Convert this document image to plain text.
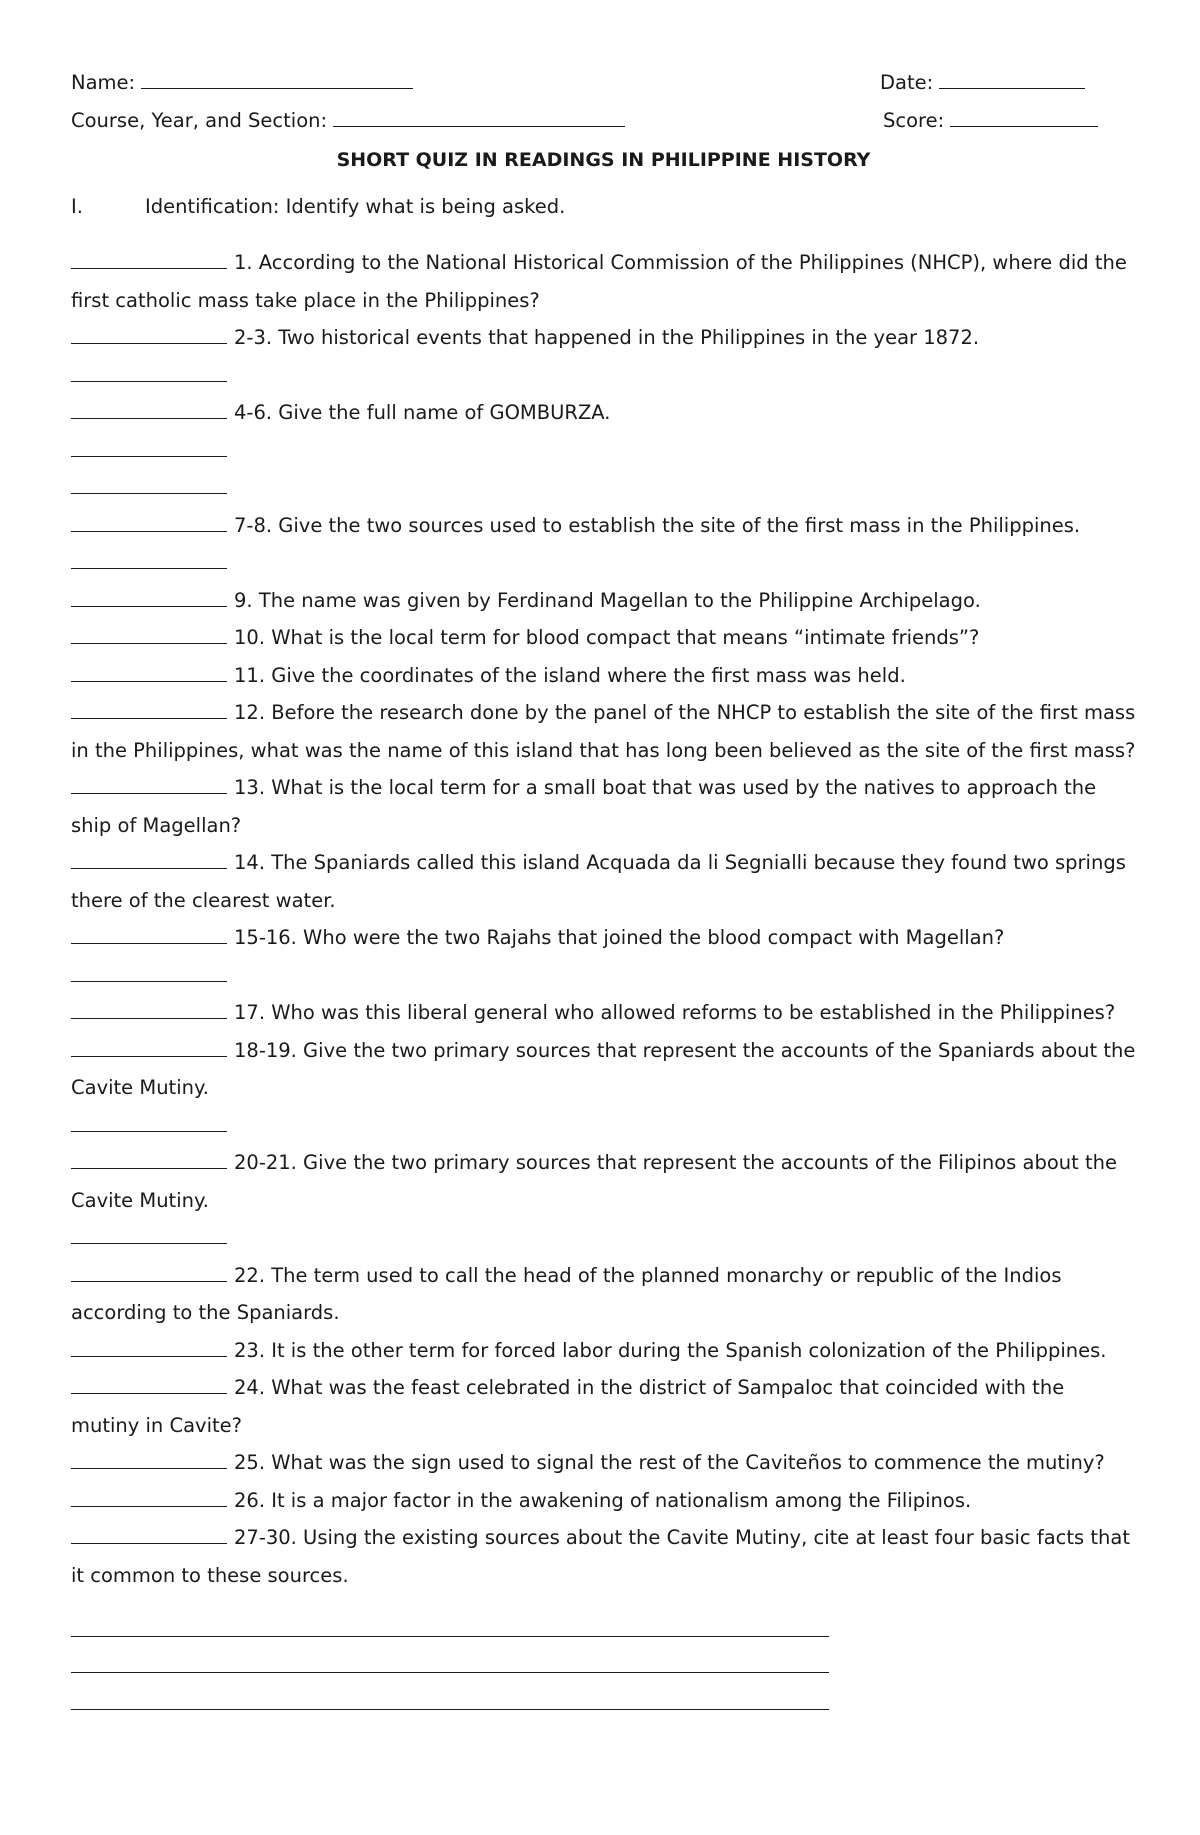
Name:	Date:
Course, Year, and Section:	Score:
SHORT QUIZ IN READINGS IN PHILIPPINE HISTORY
I.	Identification: Identify what is being asked.
1. According to the National Historical Commission of the Philippines (NHCP), where did the first catholic mass take place in the Philippines?
2-3. Two historical events that happened in the Philippines in the year 1872.
4-6. Give the full name of GOMBURZA.
7-8. Give the two sources used to establish the site of the first mass in the Philippines.
9. The name was given by Ferdinand Magellan to the Philippine Archipelago.
10. What is the local term for blood compact that means “intimate friends”?
11. Give the coordinates of the island where the first mass was held.
12. Before the research done by the panel of the NHCP to establish the site of the first mass in the Philippines, what was the name of this island that has long been believed as the site of the first mass?
13. What is the local term for a small boat that was used by the natives to approach the ship of Magellan?
14. The Spaniards called this island Acquada da li Segnialli because they found two springs there of the clearest water.
15-16. Who were the two Rajahs that joined the blood compact with Magellan?
17. Who was this liberal general who allowed reforms to be established in the Philippines?
18-19. Give the two primary sources that represent the accounts of the Spaniards about the Cavite Mutiny.
20-21. Give the two primary sources that represent the accounts of the Filipinos about the Cavite Mutiny.
22. The term used to call the head of the planned monarchy or republic of the Indios according to the Spaniards.
23. It is the other term for forced labor during the Spanish colonization of the Philippines.
24. What was the feast celebrated in the district of Sampaloc that coincided with the mutiny in Cavite?
25. What was the sign used to signal the rest of the Caviteños to commence the mutiny?
26. It is a major factor in the awakening of nationalism among the Filipinos.
27-30. Using the existing sources about the Cavite Mutiny, cite at least four basic facts that it common to these sources.
